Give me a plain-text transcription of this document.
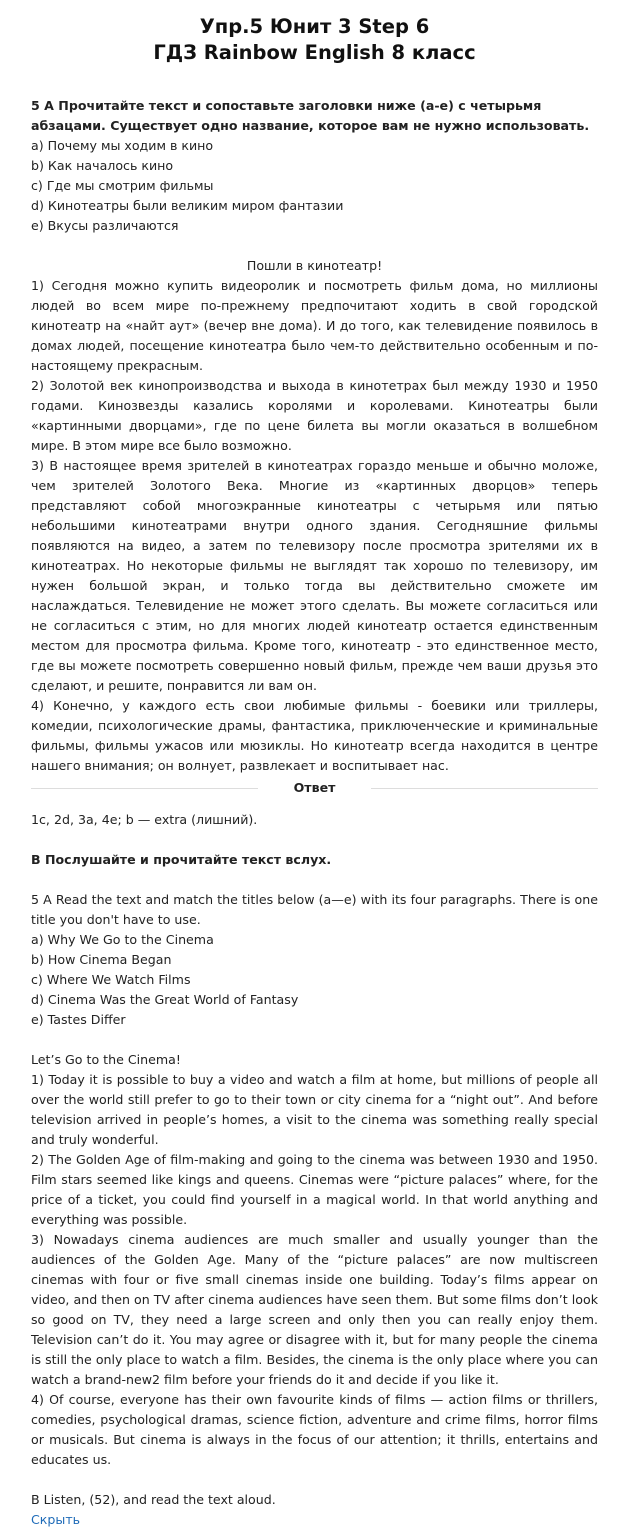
Упр.5 Юнит 3 Step 6
ГДЗ Rainbow English 8 класс

5 A Прочитайте текст и сопоставьте заголовки ниже (a-e) с четырьмя абзацами. Существует одно название, которое вам не нужно использовать.

a) Почему мы ходим в кино

b) Как началось кино

c) Где мы смотрим фильмы

d) Кинотеатры были великим миром фантазии

e) Вкусы различаются

Пошли в кинотеатр!

1) Сегодня можно купить видеоролик и посмотреть фильм дома, но миллионы людей во всем мире по-прежнему предпочитают ходить в свой городской кинотеатр на «найт аут» (вечер вне дома). И до того, как телевидение появилось в домах людей, посещение кинотеатра было чем-то действительно особенным и по-настоящему прекрасным.

2) Золотой век кинопроизводства и выхода в кинотетрах был между 1930 и 1950 годами. Кинозвезды казались королями и королевами. Кинотеатры были «картинными дворцами», где по цене билета вы могли оказаться в волшебном мире. В этом мире все было возможно.

3) В настоящее время зрителей в кинотеатрах гораздо меньше и обычно моложе, чем зрителей Золотого Века. Многие из «картинных дворцов» теперь представляют собой многоэкранные кинотеатры с четырьмя или пятью небольшими кинотеатрами внутри одного здания. Сегодняшние фильмы появляются на видео, а затем по телевизору после просмотра зрителями их в кинотеатрах. Но некоторые фильмы не выглядят так хорошо по телевизору, им нужен большой экран, и только тогда вы действительно сможете им наслаждаться. Телевидение не может этого сделать. Вы можете согласиться или не согласиться с этим, но для многих людей кинотеатр остается единственным местом для просмотра фильма. Кроме того, кинотеатр - это единственное место, где вы можете посмотреть совершенно новый фильм, прежде чем ваши друзья это сделают, и решите, понравится ли вам он.

4) Конечно, у каждого есть свои любимые фильмы - боевики или триллеры, комедии, психологические драмы, фантастика, приключенческие и криминальные фильмы, фильмы ужасов или мюзиклы. Но кинотеатр всегда находится в центре нашего внимания; он волнует, развлекает и воспитывает нас.

Ответ

1c, 2d, 3a, 4e; b — extra (лишний).

В Послушайте и прочитайте текст вслух.

5 A Read the text and match the titles below (a—e) with its four paragraphs. There is one title you don't have to use.

a) Why We Go to the Cinema

b) How Cinema Began

c) Where We Watch Films

d) Cinema Was the Great World of Fantasy

e) Tastes Differ

Let’s Go to the Cinema!

1) Today it is possible to buy a video and watch a film at home, but millions of people all over the world still prefer to go to their town or city cinema for a “night out”. And before television arrived in people’s homes, a visit to the cinema was something really special and truly wonderful.

2) The Golden Age of film-making and going to the cinema was between 1930 and 1950. Film stars seemed like kings and queens. Cinemas were “picture palaces” where, for the price of a ticket, you could find yourself in a magical world. In that world anything and everything was possible.

3) Nowadays cinema audiences are much smaller and usually younger than the audiences of the Golden Age. Many of the “picture palaces” are now multiscreen cinemas with four or five small cinemas inside one building. Today’s films appear on video, and then on TV after cinema audiences have seen them. But some films don’t look so good on TV, they need a large screen and only then you can really enjoy them. Television can’t do it. You may agree or disagree with it, but for many people the cinema is still the only place to watch a film. Besides, the cinema is the only place where you can watch a brand-new2 film before your friends do it and decide if you like it.

4) Of course, everyone has their own favourite kinds of films — action films or thrillers, comedies, psychological dramas, science fiction, adventure and crime films, horror films or musicals. But cinema is always in the focus of our attention; it thrills, entertains and educates us.

B Listen, (52), and read the text aloud.

Скрыть
